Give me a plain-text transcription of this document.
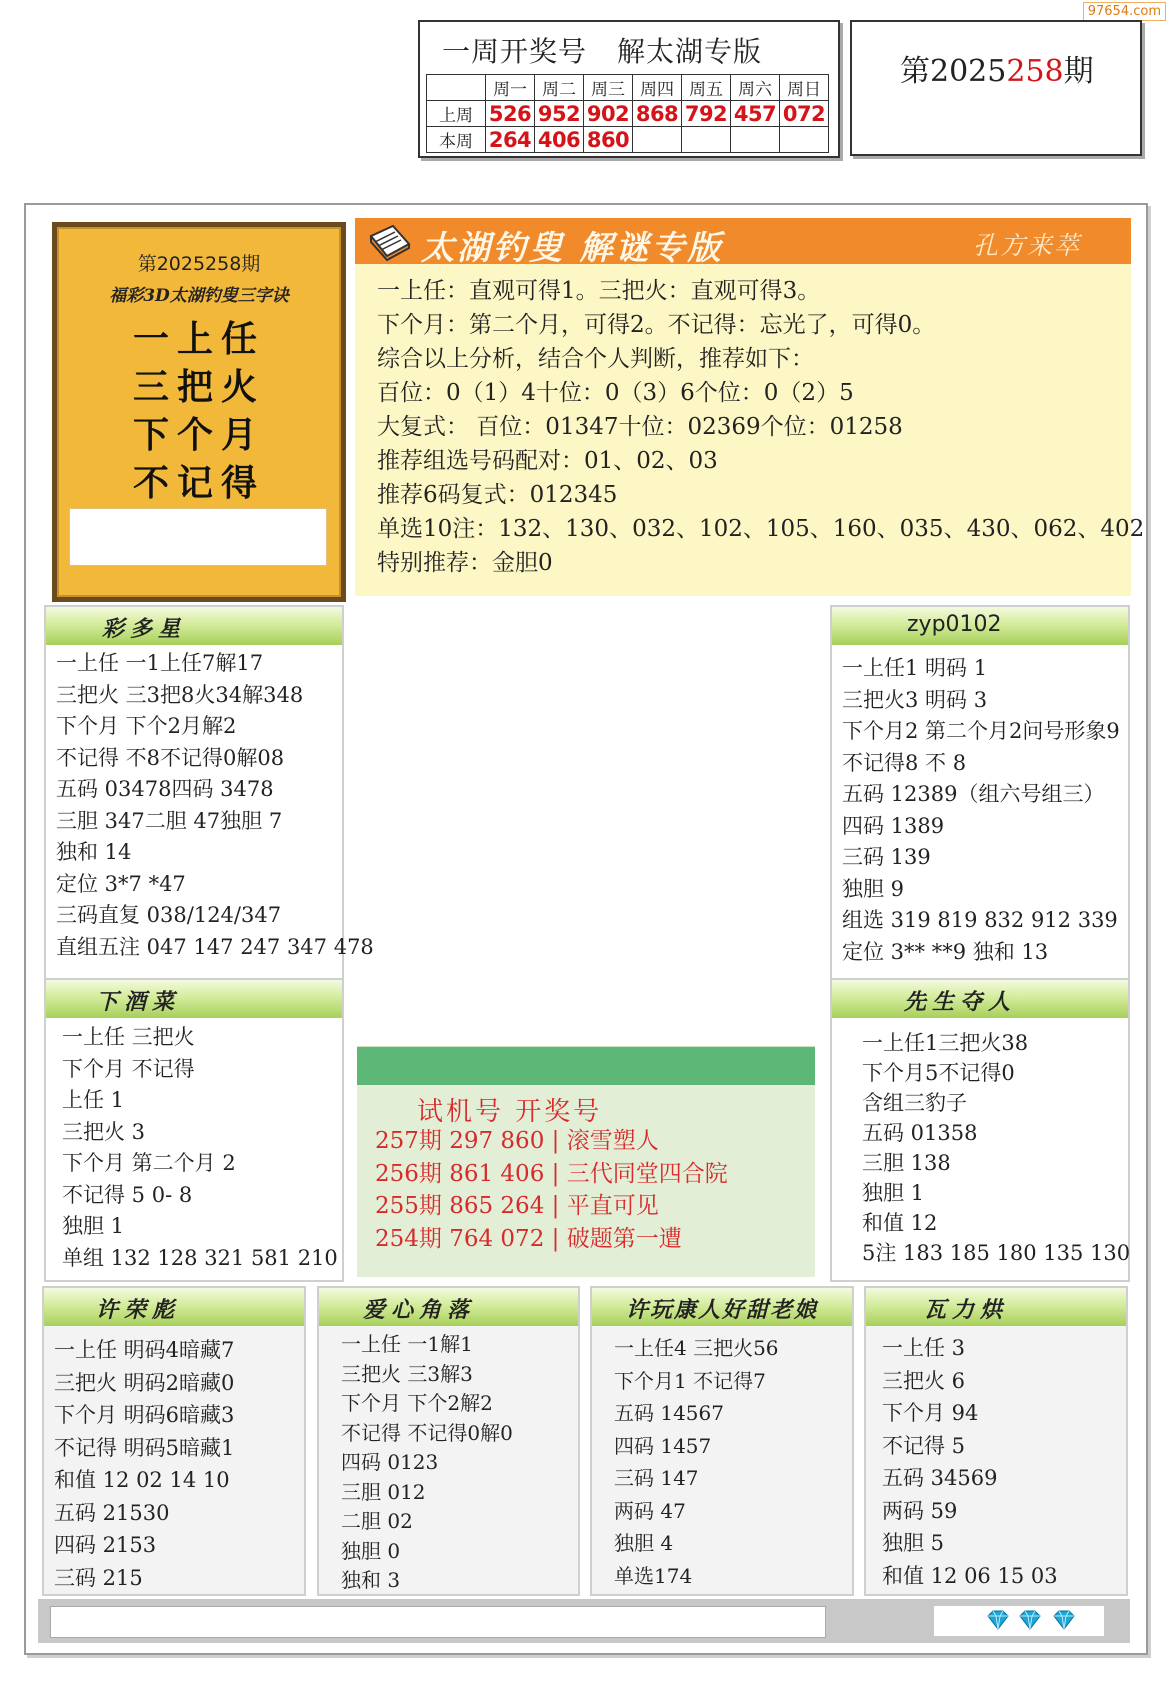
97654.com
一周开奖号 解太湖专版
	周一	周二	周三	周四	周五	周六	周日
上周	526	952	902	868	792	457	072
本周	264	406	860				
第2025258期
第2025258期
福彩3D太湖钓叟三字诀
一上任
三把火
下个月
不记得
太湖钓叟 解谜专版	孔方来萃
一上任：直观可得1。三把火：直观可得3。
下个月：第二个月，可得2。不记得：忘光了，可得0。
综合以上分析，结合个人判断，推荐如下：
百位：0（1）4十位：0（3）6个位：0（2）5
大复式： 百位：01347十位：02369个位：01258
推荐组选号码配对：01、02、03
推荐6码复式：012345
单选10注：132、130、032、102、105、160、035、430、062、402
特别推荐：金胆0
彩多星
一上任 一1上任7解17
三把火 三3把8火34解348
下个月 下个2月解2
不记得 不8不记得0解08
五码 03478四码 3478
三胆 347二胆 47独胆 7
独和 14
定位 3*7 *47
三码直复 038/124/347
直组五注 047 147 247 347 478
zyp0102
一上任1 明码 1
三把火3 明码 3
下个月2 第二个月2问号形象9
不记得8 不 8
五码 12389（组六号组三）
四码 1389
三码 139
独胆 9
组选 319 819 832 912 339
定位 3** **9 独和 13
下酒菜
一上任 三把火
下个月 不记得
上任 1
三把火 3
下个月 第二个月 2
不记得 5 0- 8
独胆 1
单组 132 128 321 581 210
先生夺人
一上任1三把火38
下个月5不记得0
含组三豹子
五码 01358
三胆 138
独胆 1
和值 12
5注 183 185 180 135 130
试机号 开奖号
257期 297 860 | 滚雪塑人
256期 861 406 | 三代同堂四合院
255期 865 264 | 平直可见
254期 764 072 | 破题第一遭
许荣彪
一上任 明码4暗藏7
三把火 明码2暗藏0
下个月 明码6暗藏3
不记得 明码5暗藏1
和值 12 02 14 10
五码 21530
四码 2153
三码 215
爱心角落
一上任 一1解1
三把火 三3解3
下个月 下个2解2
不记得 不记得0解0
四码 0123
三胆 012
二胆 02
独胆 0
独和 3
许玩康人好甜老娘
一上任4 三把火56
下个月1 不记得7
五码 14567
四码 1457
三码 147
两码 47
独胆 4
单选174
瓦力烘
一上任 3
三把火 6
下个月 94
不记得 5
五码 34569
两码 59
独胆 5
和值 12 06 15 03
